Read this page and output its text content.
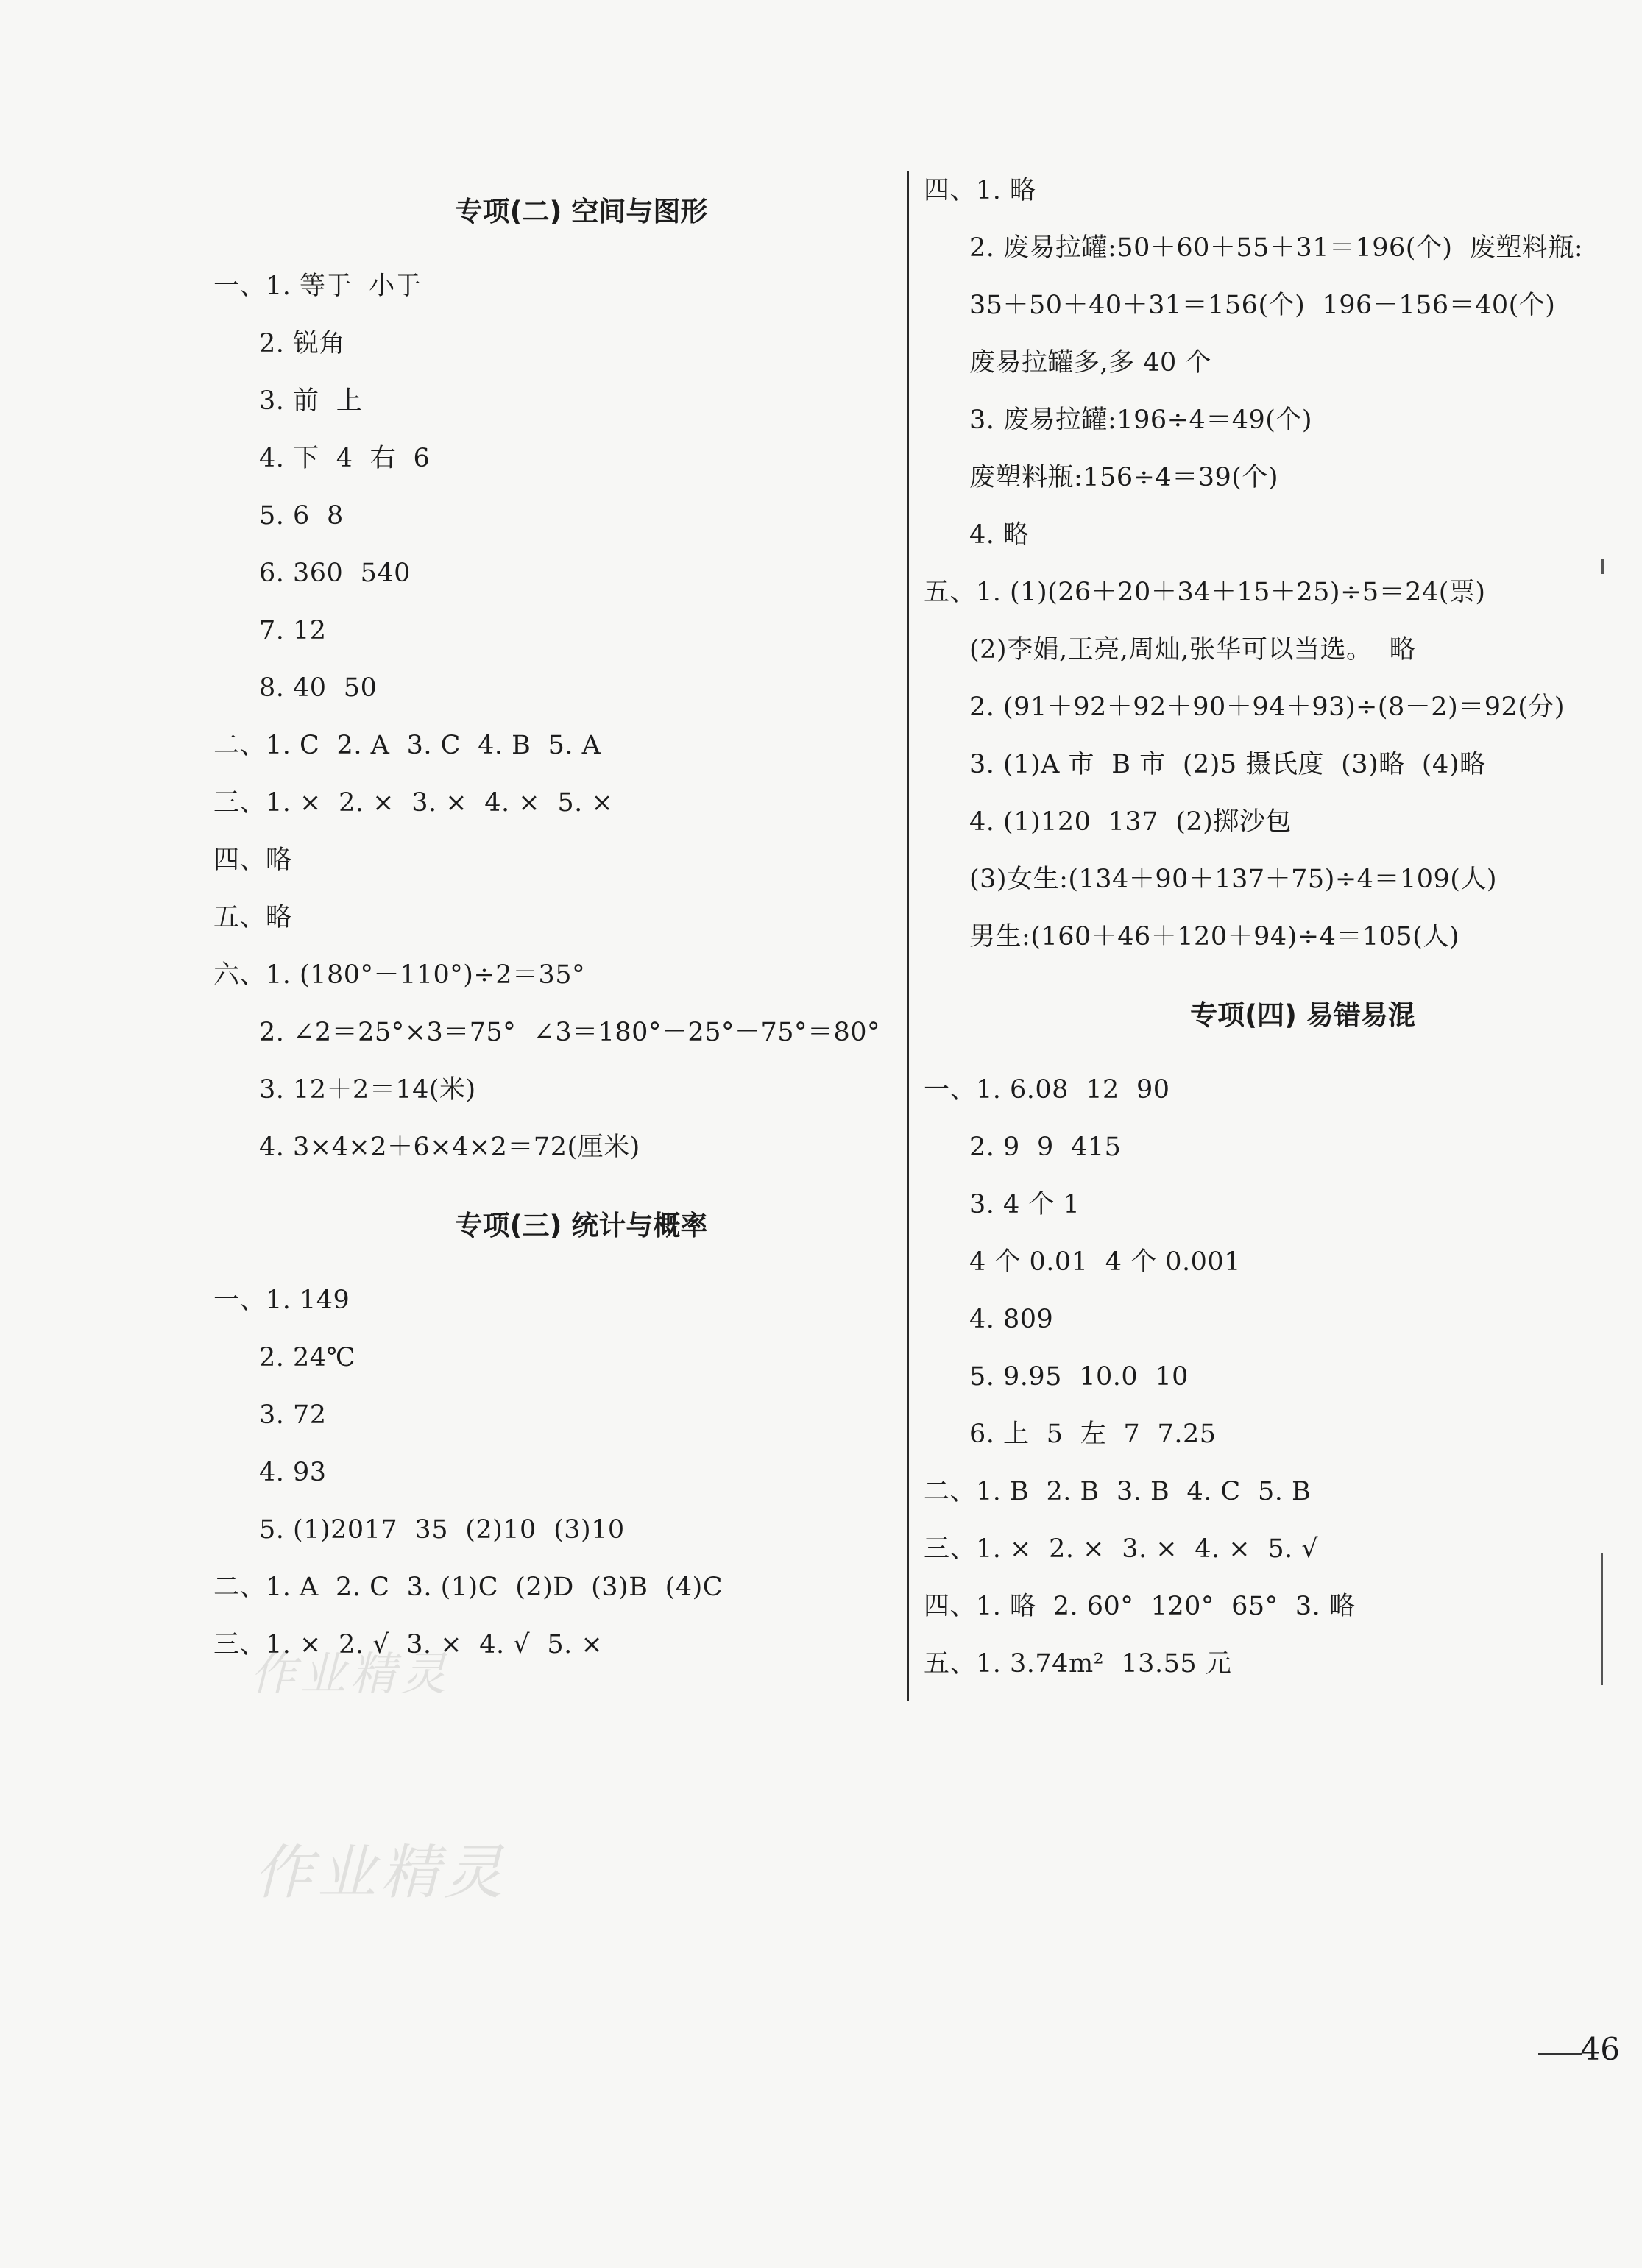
专项(二) 空间与图形
一、1. 等于  小于
2. 锐角
3. 前  上
4. 下  4  右  6
5. 6  8
6. 360  540
7. 12
8. 40  50
二、1. C  2. A  3. C  4. B  5. A
三、1. ×  2. ×  3. ×  4. ×  5. ×
四、略
五、略
六、1. (180°－110°)÷2＝35°
2. ∠2＝25°×3＝75°  ∠3＝180°－25°－75°＝80°
3. 12＋2＝14(米)
4. 3×4×2＋6×4×2＝72(厘米)
专项(三) 统计与概率
一、1. 149
2. 24℃
3. 72
4. 93
5. (1)2017  35  (2)10  (3)10
二、1. A  2. C  3. (1)C  (2)D  (3)B  (4)C
三、1. ×  2. √  3. ×  4. √  5. ×
四、1. 略
2. 废易拉罐:50＋60＋55＋31＝196(个)  废塑料瓶:
35＋50＋40＋31＝156(个)  196－156＝40(个)
废易拉罐多,多 40 个
3. 废易拉罐:196÷4＝49(个)
废塑料瓶:156÷4＝39(个)
4. 略
五、1. (1)(26＋20＋34＋15＋25)÷5＝24(票)
(2)李娟,王亮,周灿,张华可以当选。  略
2. (91＋92＋92＋90＋94＋93)÷(8－2)＝92(分)
3. (1)A 市  B 市  (2)5 摄氏度  (3)略  (4)略
4. (1)120  137  (2)掷沙包
(3)女生:(134＋90＋137＋75)÷4＝109(人)
男生:(160＋46＋120＋94)÷4＝105(人)
专项(四) 易错易混
一、1. 6.08  12  90
2. 9  9  415
3. 4 个 1
4 个 0.01  4 个 0.001
4. 809
5. 9.95  10.0  10
6. 上  5  左  7  7.25
二、1. B  2. B  3. B  4. C  5. B
三、1. ×  2. ×  3. ×  4. ×  5. √
四、1. 略  2. 60°  120°  65°  3. 略
五、1. 3.74m²  13.55 元
作业精灵
作业精灵
46
